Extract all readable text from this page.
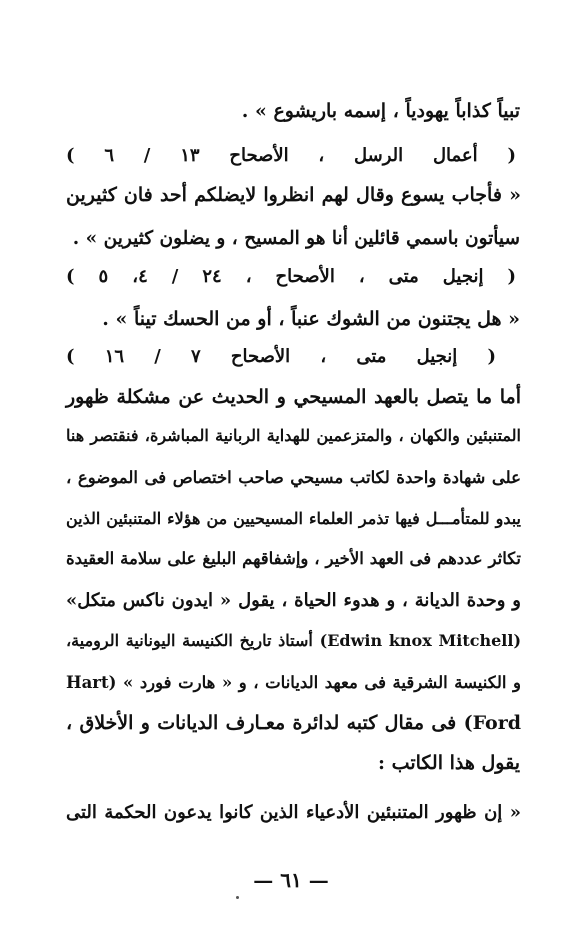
تبياً كذاباً يهودياً ، إسمه باريشوع » .
( أعمال الرسل ، الأصحاح ١٣ / ٦ )
« فأجاب يسوع وقال لهم انظروا لايضلكم أحد فان كثيرين
سيأتون باسمي قائلين أنا هو المسيح ، و يضلون كثيرين » .
( إنجيل متى ، الأصحاح ، ٢٤ / ٤، ٥ )
« هل يجتنون من الشوك عنباً ، أو من الحسك تيناً » .
( إنجيل متى ، الأصحاح ٧ / ١٦ )
أما ما يتصل بالعهد المسيحي و الحديث عن مشكلة ظهور
المتنبئين والكهان ، والمتزعمين للهداية الربانية المباشرة، فنقتصر هنا
على شهادة واحدة لكاتب مسيحي صاحب اختصاص فى الموضوع ،
يبدو للمتأمـــل فيها تذمر العلماء المسيحيين من هؤلاء المتنبئين الذين
تكاثر عددهم فى العهد الأخير ، وإشفاقهم البليغ على سلامة العقيدة
و وحدة الديانة ، و هدوء الحياة ، يقول « ايدون ناكس متكل»
(Edwin knox Mitchell) أستاذ تاريخ الكنيسة اليونانية الرومية،
و الكنيسة الشرقية فى معهد الديانات ، و « هارت فورد » (Hart
Ford) فى مقال كتبه لدائرة معـارف الديانات و الأخلاق ،
يقول هذا الكاتب :
« إن ظهور المتنبئين الأدعياء الذين كانوا يدعون الحكمة التى
— ٦١ —
